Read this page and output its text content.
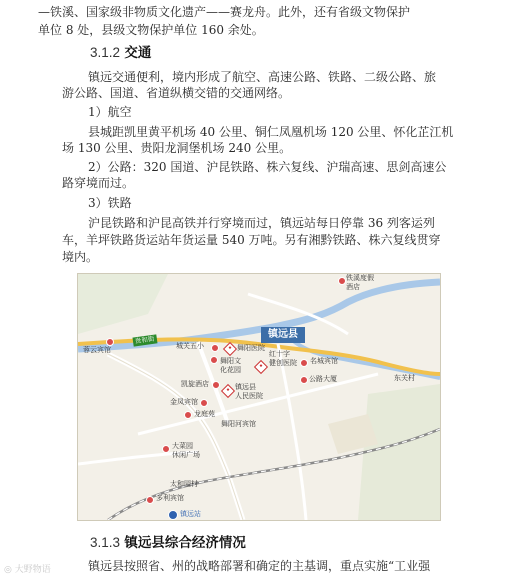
—铁溪、国家级非物质文化遗产——赛龙舟。此外，还有省级文物保护
单位 8 处，县级文物保护单位 160 余处。
3.1.2 交通
镇远交通便利，境内形成了航空、高速公路、铁路、二级公路、旅
游公路、国道、省道纵横交错的交通网络。
1）航空
县城距凯里黄平机场 40 公里、铜仁凤凰机场 120 公里、怀化芷江机
场 130 公里、贵阳龙洞堡机场 240 公里。
2）公路：320 国道、沪昆铁路、株六复线、沪瑞高速、思剑高速公
路穿境而过。
3）铁路
沪昆铁路和沪昆高铁并行穿境而过，镇远站每日停靠 36 列客运列
车，羊坪铁路货运站年货运量 540 万吨。另有湘黔铁路、株六复线贯穿
境内。
镇远县
贵和街
铁溪度假
酒店
蓉云宾馆	城关五小	舞阳医院
红十字
健创医院 名城宾馆
舞阳文
化花园
凯旋酒店	镇远县
人民医院
公路大厦	东关村
金凤宾馆
龙庭苑
舞阳河宾馆
大菜园
休闲广场
太和园村
多利宾馆
镇远站
3.1.3 镇远县综合经济情况
镇远县按照省、州的战略部署和确定的主基调，重点实施“工业强
◎ 大野物语
